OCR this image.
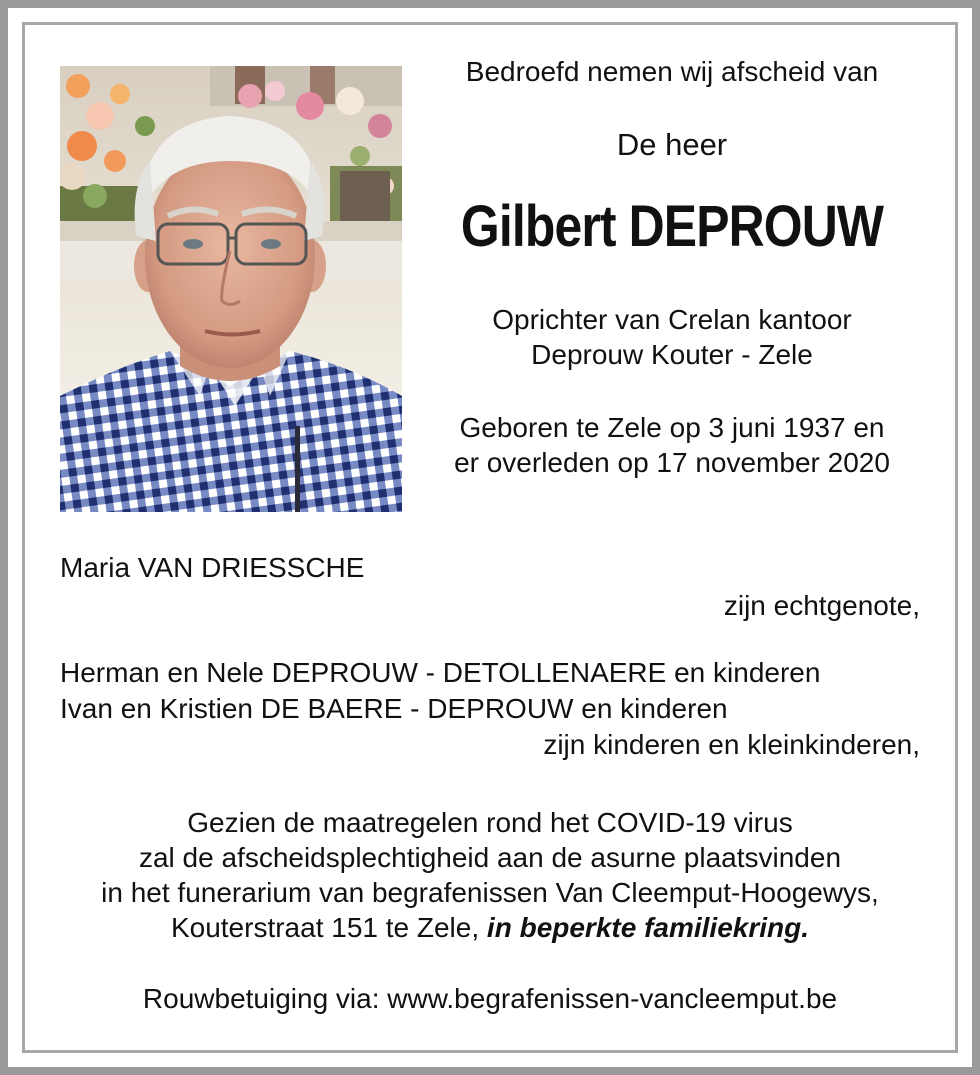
Bedroefd nemen wij afscheid van
De heer
Gilbert DEPROUW
Oprichter van Crelan kantoor
Deprouw Kouter - Zele
Geboren te Zele op 3 juni 1937 en
er overleden op 17 november 2020
Maria VAN DRIESSCHE
zijn echtgenote,
Herman en Nele DEPROUW - DETOLLENAERE en kinderen
Ivan en Kristien DE BAERE - DEPROUW en kinderen
zijn kinderen en kleinkinderen,
Gezien de maatregelen rond het COVID-19 virus
zal de afscheidsplechtigheid aan de asurne plaatsvinden
in het funerarium van begrafenissen Van Cleemput-Hoogewys,
Kouterstraat 151 te Zele, in beperkte familiekring.
Rouwbetuiging via: www.begrafenissen-vancleemput.be
